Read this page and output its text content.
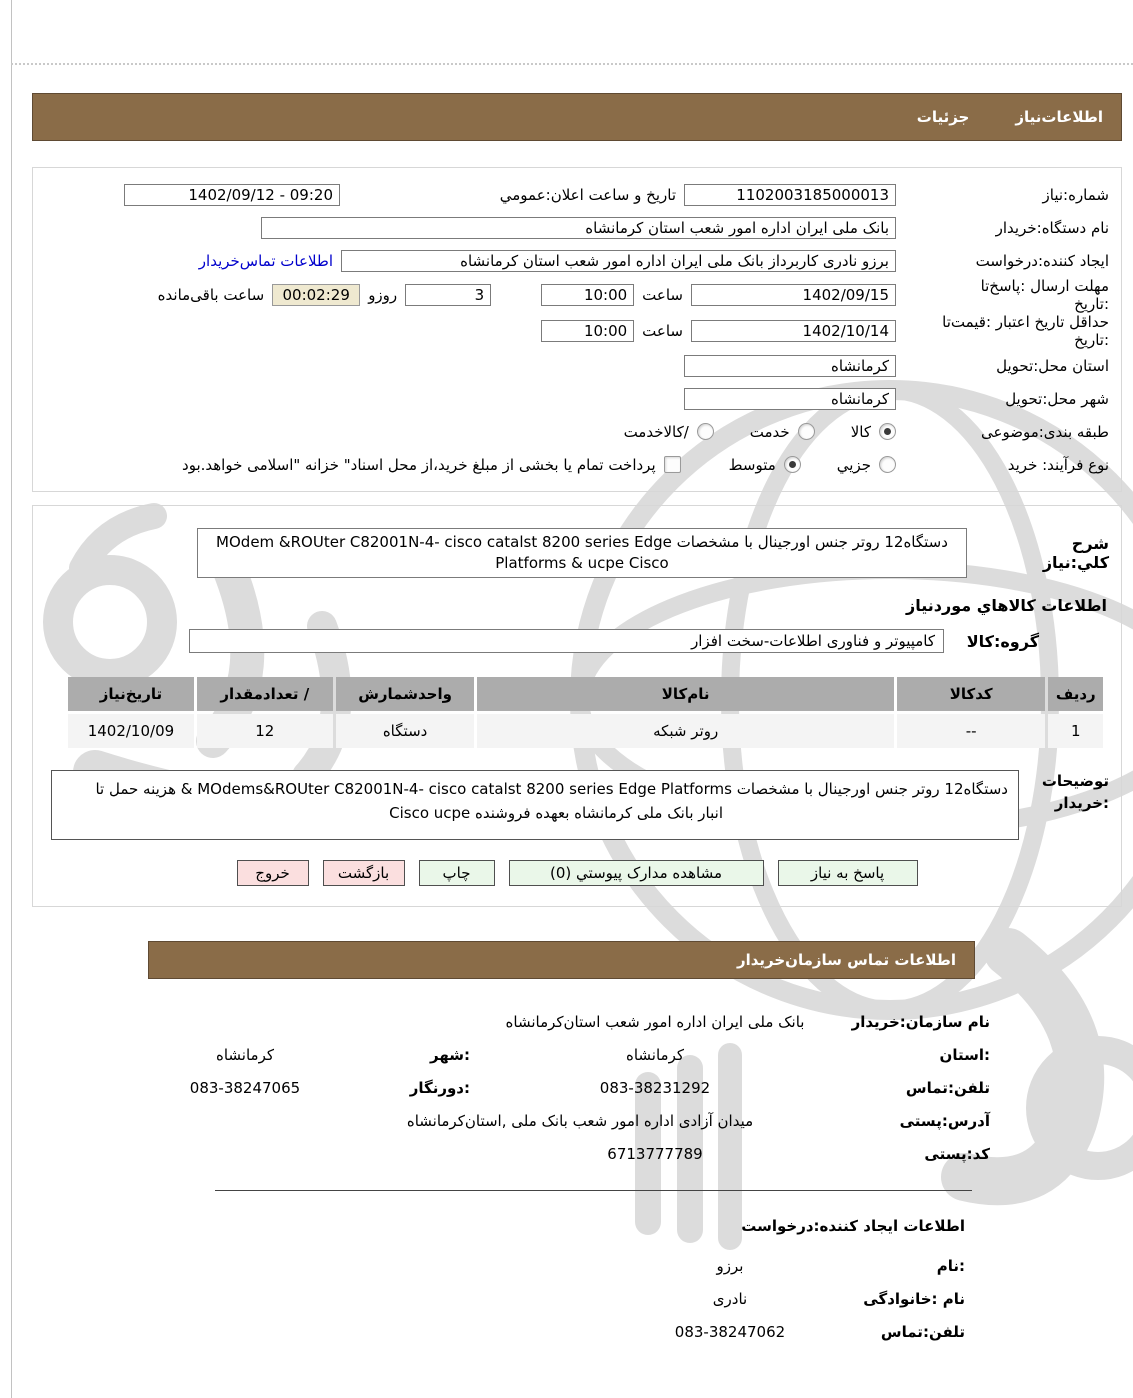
اطلاعات‌نیاز
جزئیات
شماره:نیاز
1102003185000013
تاریخ و ساعت اعلان:عمومي
1402/09/12 - 09:20
نام دستگاه:خریدار
بانک ملی ایران اداره امور شعب استان کرمانشاه
ایجاد کننده:درخواست
برزو نادری کاربرداز بانک ملی ایران اداره امور شعب استان کرمانشاه
اطلاعات تماس‌خریدار
مهلت ارسال :پاسخ‌تا
:تاریخ
1402/09/15
ساعت
10:00
3
روزو
00:02:29
ساعت باقی‌مانده
حداقل تاریخ اعتبار :قیمت‌تا
:تاریخ
1402/10/14
ساعت
10:00
استان محل:تحویل
کرمانشاه
شهر محل:تحویل
کرمانشاه
طبقه بندی:موضوعی
کالا
خدمت
/کالاخدمت
نوع فرآیند: خرید
جزيي
متوسط
پرداخت تمام یا بخشی از مبلغ خرید،از محل اسناد" خزانه "اسلامی خواهد.بود
شرح كلي:نیاز
دستگاه12 روتر جنس اورجینال با مشخصات MOdem &ROUter C82001N-4- cisco catalst 8200 series Edge
Platforms & ucpe Cisco
اطلاعات کالاهاي موردنیاز
گروه:کالا
کامپیوتر و فناوری اطلاعات-سخت افزار
ردیف
کدکالا
نام‌کالا
واحدشمارش
/ تعدادمقدار
تاریخ‌نیاز
1
--
روتر شبکه
دستگاه
12
1402/10/09
توضیحات
:خریدار
دستگاه12 روتر جنس اورجینال با مشخصات MOdems&ROUter C82001N-4- cisco catalst 8200 series Edge Platforms & هزینه حمل تا
انبار بانک ملی کرمانشاه بعهده فروشنده Cisco ucpe
پاسخ به نیاز
مشاهده مدارک پیوستي (0)
چاپ
بازگشت
خروج
اطلاعات تماس سازمان‌خریدار
نام سازمان:خریدار
بانک ملی ایران اداره امور شعب استان‌کرمانشاه
:استان
کرمانشاه
:شهر
کرمانشاه
تلفن:تماس
083-38231292
:دورنگار
083-38247065
آدرس:پستی
میدان آزادی اداره امور شعب بانک ملی ,استان‌کرمانشاه
کد:پستی
6713777789
اطلاعات ایجاد کننده:درخواست
:نام
برزو
نام :خانوادگی
نادری
تلفن:تماس
083-38247062
